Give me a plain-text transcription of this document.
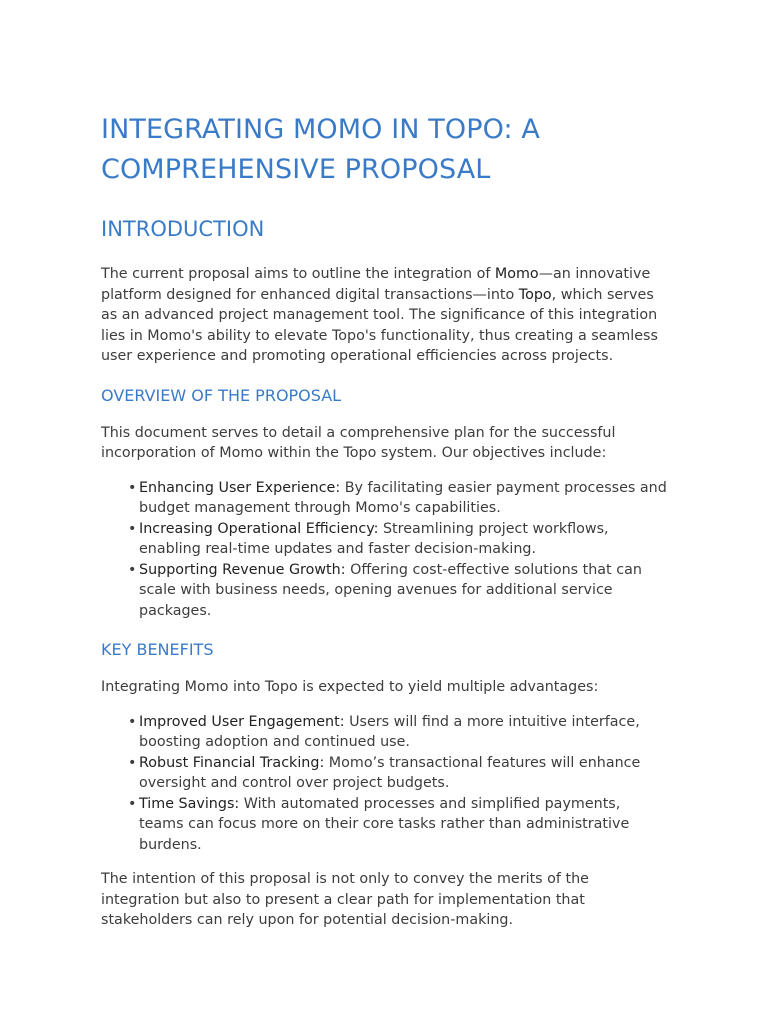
INTEGRATING MOMO IN TOPO: A COMPREHENSIVE PROPOSAL
INTRODUCTION

The current proposal aims to outline the integration of Momo—an innovative platform designed for enhanced digital transactions—into Topo, which serves as an advanced project management tool. The significance of this integration lies in Momo's ability to elevate Topo's functionality, thus creating a seamless user experience and promoting operational efficiencies across projects.

OVERVIEW OF THE PROPOSAL

This document serves to detail a comprehensive plan for the successful incorporation of Momo within the Topo system. Our objectives include:

• Enhancing User Experience: By facilitating easier payment processes and budget management through Momo's capabilities.
• Increasing Operational Efficiency: Streamlining project workflows, enabling real-time updates and faster decision-making.
• Supporting Revenue Growth: Offering cost-effective solutions that can scale with business needs, opening avenues for additional service packages.
KEY BENEFITS

Integrating Momo into Topo is expected to yield multiple advantages:

• Improved User Engagement: Users will find a more intuitive interface, boosting adoption and continued use.
• Robust Financial Tracking: Momo’s transactional features will enhance oversight and control over project budgets.
• Time Savings: With automated processes and simplified payments, teams can focus more on their core tasks rather than administrative burdens.

The intention of this proposal is not only to convey the merits of the integration but also to present a clear path for implementation that stakeholders can rely upon for potential decision-making.
